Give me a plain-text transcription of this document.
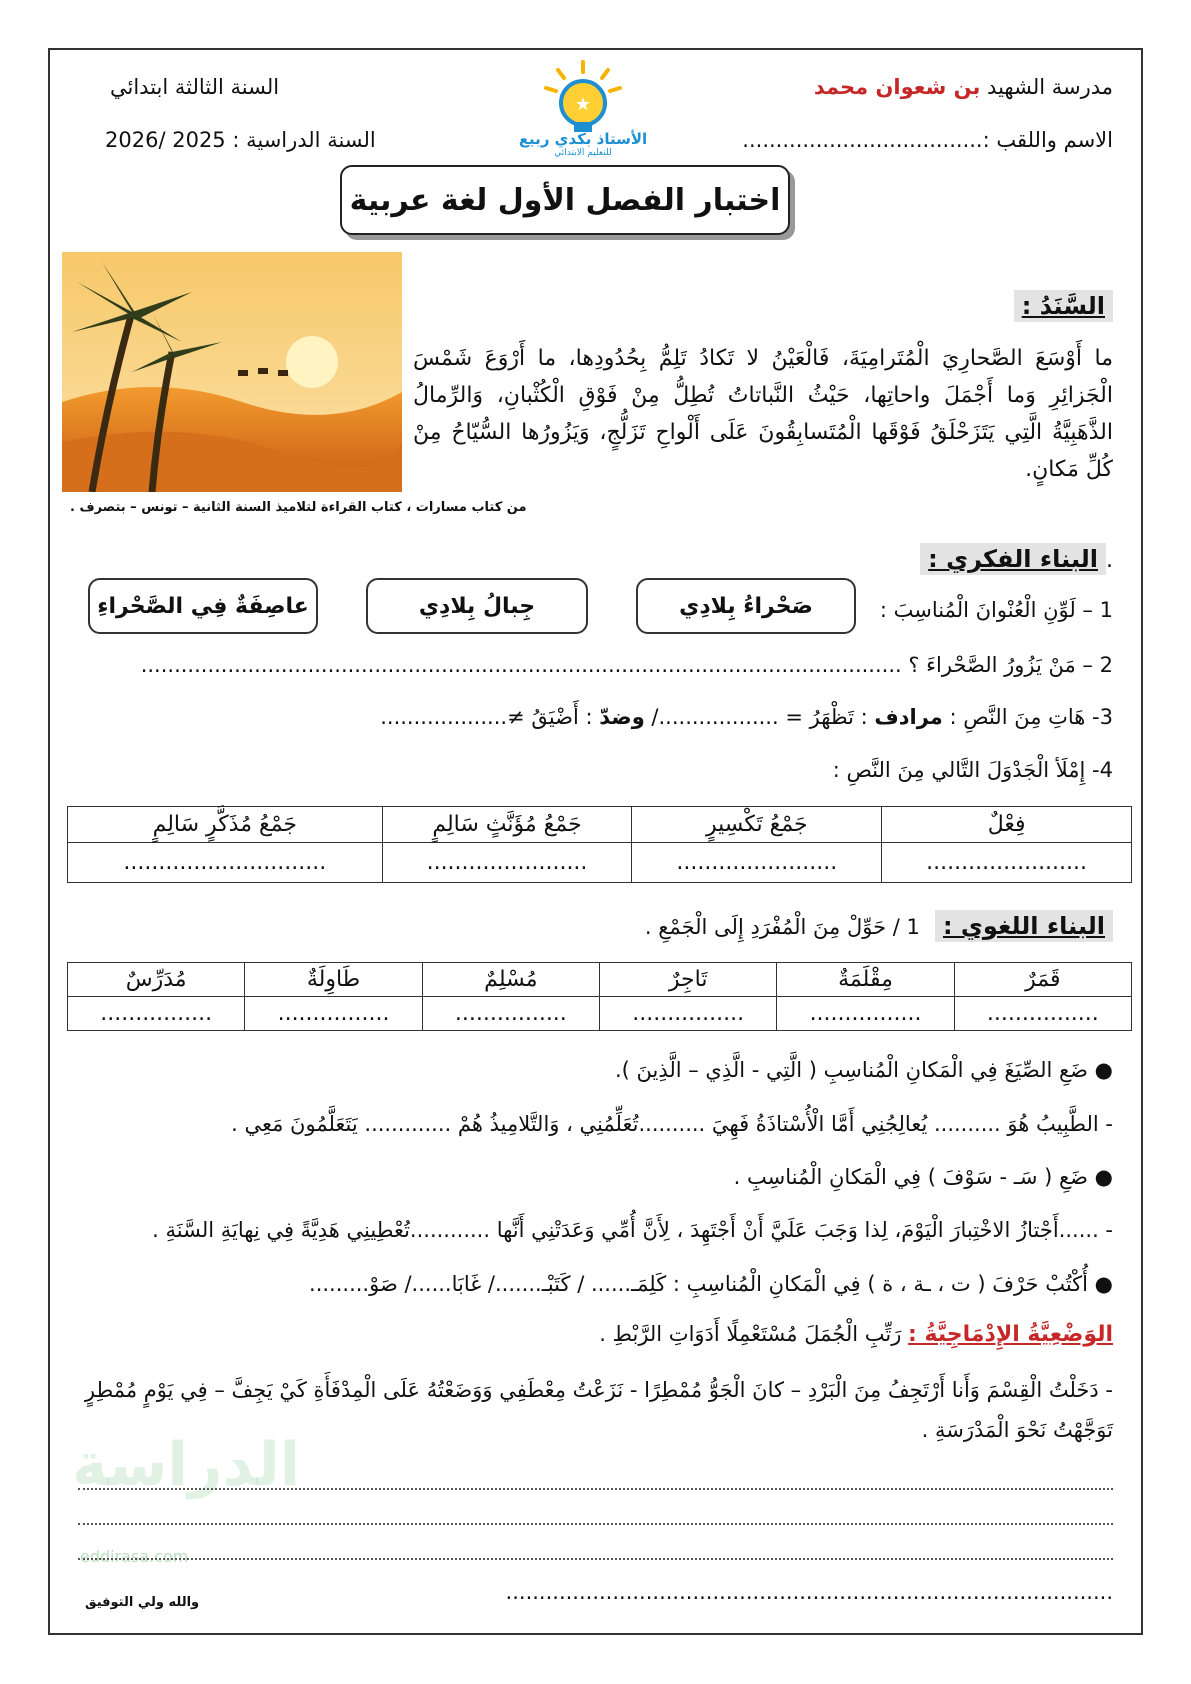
مدرسة الشهيد بن شعوان محمد
الاسم واللقب :....................................
السنة الثالثة ابتدائي
السنة الدراسية : 2025 /2026
★
الأستاذ بكدي ربيع
للتعليم الابتدائي
اختبار الفصل الأول لغة عربية
السَّنَدُ :
ما أَوْسَعَ الصَّحارِيَ الْمُتَرامِيَةَ، فَالْعَيْنُ لا تَكادُ تَلِمُّ بِحُدُودِها، ما أَرْوَعَ شَمْسَ الْجَزائِرِ وَما أَجْمَلَ واحاتِها، حَيْثُ النَّباتاتُ تُطِلُّ مِنْ فَوْقِ الْكُثْبانِ، وَالرِّمالُ الذَّهَبِيَّةُ الَّتِي يَتَزَحْلَقُ فَوْقَها الْمُتَسابِقُونَ عَلَى أَلْواحِ تَزَلُّجٍ، وَيَزُورُها السُّيّاحُ مِنْ كُلِّ مَكانٍ.
من كتاب مسارات ، كتاب القراءة لتلاميذ السنة الثانية – تونس – بتصرف .
.البناء الفكري :
1 – لَوِّنِ الْعُنْوانَ الْمُناسِبَ :
صَحْراءُ بِلادِي
جِبالُ بِلادِي
عاصِفَةٌ فِي الصَّحْراءِ
2 – مَنْ يَزُورُ الصَّحْراءَ ؟ ..................................................................................................................
3- هَاتِ مِنَ النَّصِ : مرادف : تَظْهَرُ = ................../ وضدّ : أَضْيَقُ ≠...................
4- إِمْلَأ الْجَدْوَلَ التَّالي مِنَ النَّصِ :
فِعْلٌ	جَمْعُ تَكْسِيرٍ	جَمْعُ مُؤَنَّثٍ سَالِمٍ	جَمْعُ مُذَكَّرٍ سَالِمٍ
.......................	.......................	.......................	.............................
البناء اللغوي : 1 / حَوِّلْ مِنَ الْمُفْرَدِ إِلَى الْجَمْعِ .
قَمَرٌ	مِقْلَمَةٌ	تَاجِرٌ	مُسْلِمٌ	طَاوِلَةٌ	مُدَرِّسٌ
................	................	................	................	................	................
● ضَعِ الصِّيَغَ فِي الْمَكانِ الْمُناسِبِ ( الَّتِي - الَّذِي – الَّذِينَ ).
- الطَّبِيبُ هُوَ .......... يُعالِجُنِي أَمَّا الْأُسْتاذَةُ فَهِيَ ..........تُعَلِّمُنِي ، وَالتَّلامِيذُ هُمْ ............. يَتَعَلَّمُونَ مَعِي .
● ضَعِ ( سَـ - سَوْفَ ) فِي الْمَكانِ الْمُناسِبِ .
- ......أَجْتازُ الاخْتِبارَ الْيَوْمَ، لِذا وَجَبَ عَلَيَّ أَنْ أَجْتَهِدَ ، لِأَنَّ أُمِّي وَعَدَتْنِي أَنَّها ............تُعْطِينِي هَدِيَّةً فِي نِهايَةِ السَّنَةِ .
● أُكْتُبْ حَرْفَ ( ت ، ـة ، ة ) فِي الْمَكانِ الْمُناسِبِ : كَلِمَـ...... / كَتَبْـ......./ غَابَا....../ صَوْ.........
الوَضْعِيَّةُ الإِدْمَاجِيَّةُ : رَتِّبِ الْجُمَلَ مُسْتَعْمِلًا أَدَوَاتِ الرَّبْطِ .
- دَخَلْتُ الْقِسْمَ وَأَنا أَرْتَجِفُ مِنَ الْبَرْدِ – كانَ الْجَوُّ مُمْطِرًا - نَزَعْتُ مِعْطَفِي وَوَضَعْتُهُ عَلَى الْمِدْفَأَةِ كَيْ يَجِفَّ – فِي يَوْمٍ مُمْطِرٍ
تَوَجَّهْتُ نَحْوَ الْمَدْرَسَةِ .
الدراسة
eddirasa.com
...........................................................................................
والله ولي التوفيق
